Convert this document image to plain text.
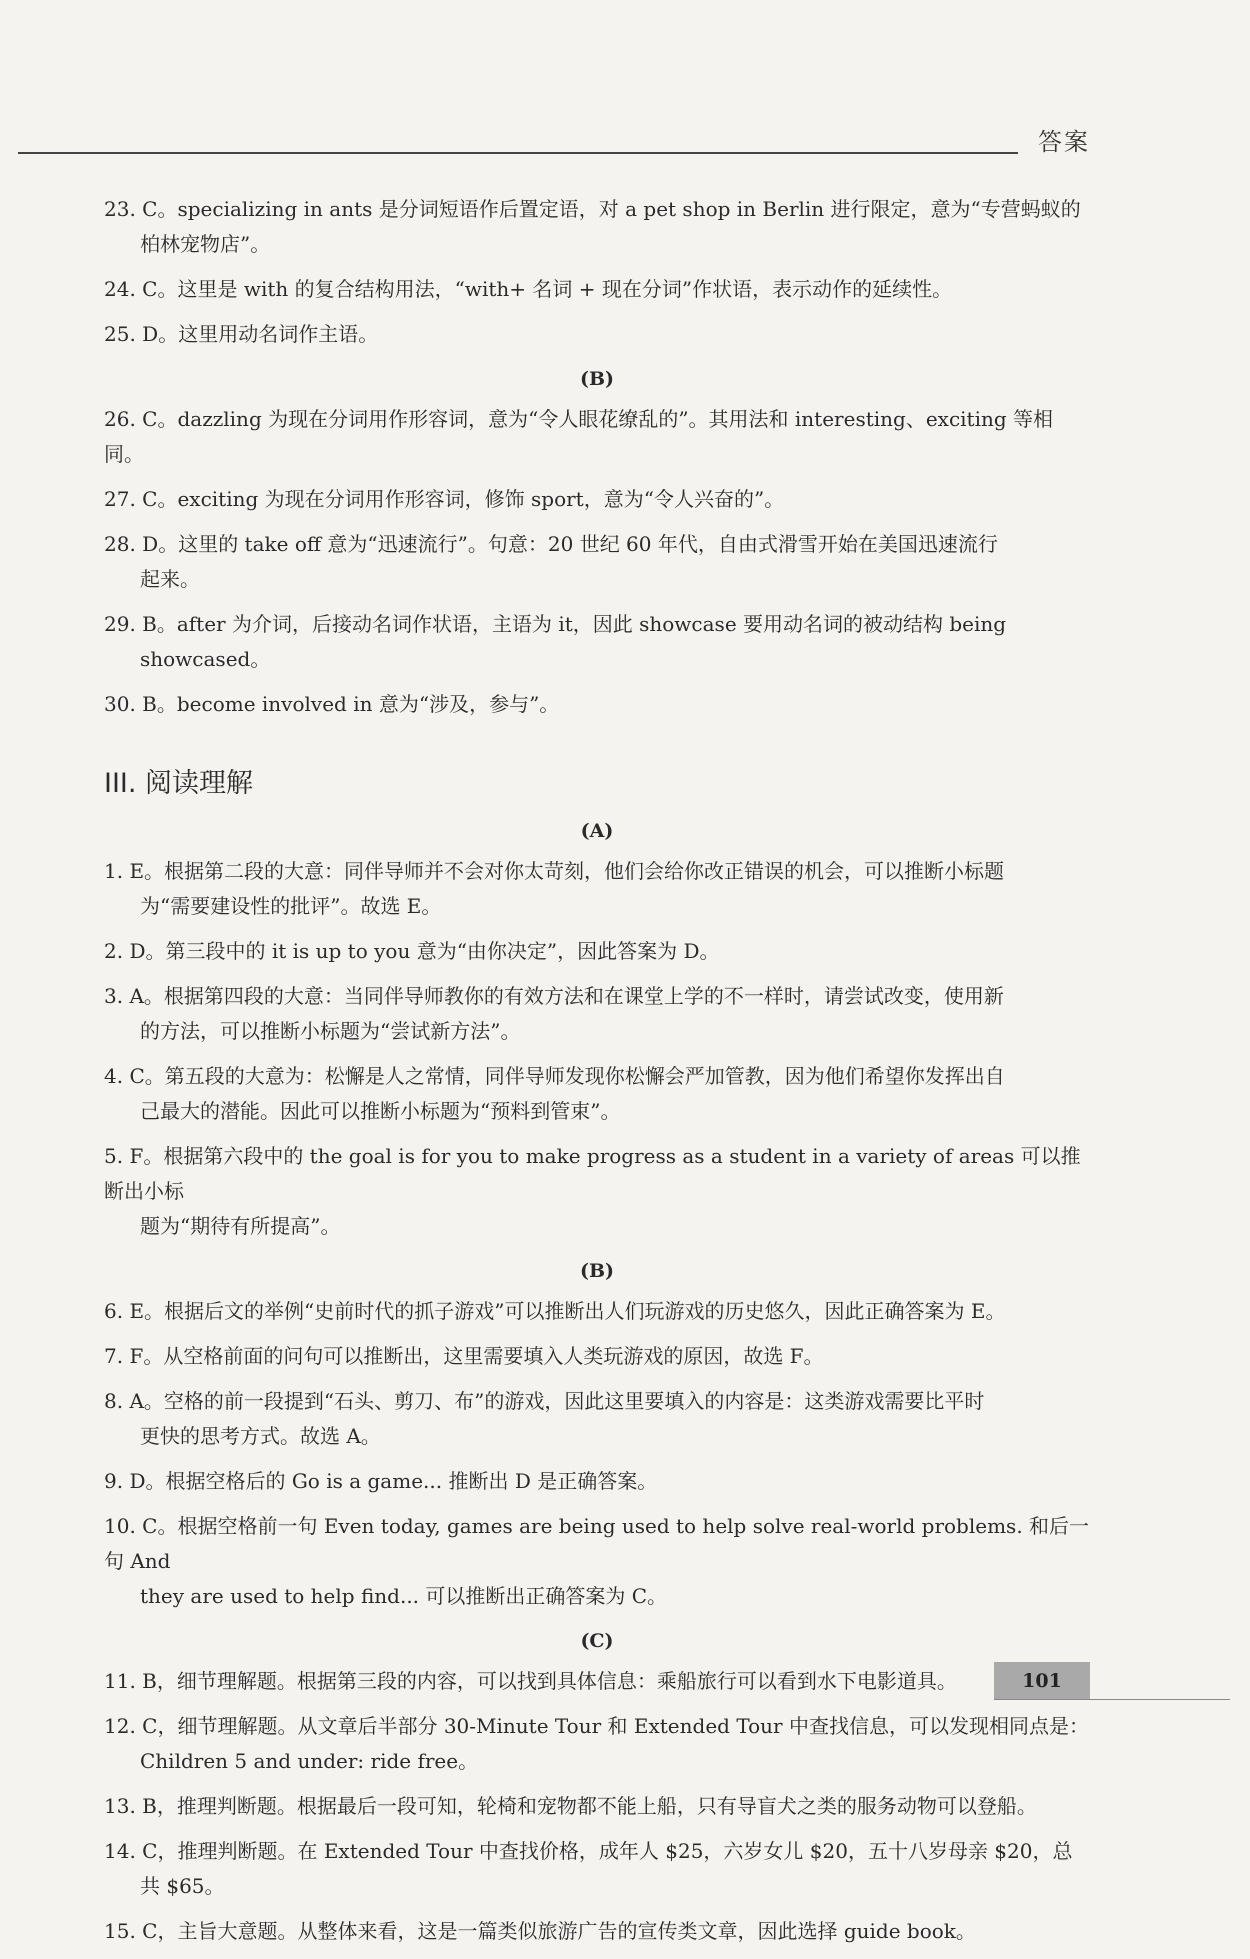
答案
23. C。specializing in ants 是分词短语作后置定语，对 a pet shop in Berlin 进行限定，意为“专营蚂蚁的
柏林宠物店”。
24. C。这里是 with 的复合结构用法，“with+ 名词 + 现在分词”作状语，表示动作的延续性。
25. D。这里用动名词作主语。
(B)
26. C。dazzling 为现在分词用作形容词，意为“令人眼花缭乱的”。其用法和 interesting、exciting 等相同。
27. C。exciting 为现在分词用作形容词，修饰 sport，意为“令人兴奋的”。
28. D。这里的 take off 意为“迅速流行”。句意：20 世纪 60 年代，自由式滑雪开始在美国迅速流行
起来。
29. B。after 为介词，后接动名词作状语，主语为 it，因此 showcase 要用动名词的被动结构 being
showcased。
30. B。become involved in 意为“涉及，参与”。
III. 阅读理解
(A)
1. E。根据第二段的大意：同伴导师并不会对你太苛刻，他们会给你改正错误的机会，可以推断小标题
为“需要建设性的批评”。故选 E。
2. D。第三段中的 it is up to you 意为“由你决定”，因此答案为 D。
3. A。根据第四段的大意：当同伴导师教你的有效方法和在课堂上学的不一样时，请尝试改变，使用新
的方法，可以推断小标题为“尝试新方法”。
4. C。第五段的大意为：松懈是人之常情，同伴导师发现你松懈会严加管教，因为他们希望你发挥出自
己最大的潜能。因此可以推断小标题为“预料到管束”。
5. F。根据第六段中的 the goal is for you to make progress as a student in a variety of areas 可以推断出小标
题为“期待有所提高”。
(B)
6. E。根据后文的举例“史前时代的抓子游戏”可以推断出人们玩游戏的历史悠久，因此正确答案为 E。
7. F。从空格前面的问句可以推断出，这里需要填入人类玩游戏的原因，故选 F。
8. A。空格的前一段提到“石头、剪刀、布”的游戏，因此这里要填入的内容是：这类游戏需要比平时
更快的思考方式。故选 A。
9. D。根据空格后的 Go is a game... 推断出 D 是正确答案。
10. C。根据空格前一句 Even today, games are being used to help solve real-world problems. 和后一句 And
they are used to help find... 可以推断出正确答案为 C。
(C)
11. B，细节理解题。根据第三段的内容，可以找到具体信息：乘船旅行可以看到水下电影道具。
12. C，细节理解题。从文章后半部分 30-Minute Tour 和 Extended Tour 中查找信息，可以发现相同点是：
Children 5 and under: ride free。
13. B，推理判断题。根据最后一段可知，轮椅和宠物都不能上船，只有导盲犬之类的服务动物可以登船。
14. C，推理判断题。在 Extended Tour 中查找价格，成年人 $25，六岁女儿 $20，五十八岁母亲 $20，总
共 $65。
15. C，主旨大意题。从整体来看，这是一篇类似旅游广告的宣传类文章，因此选择 guide book。
101
